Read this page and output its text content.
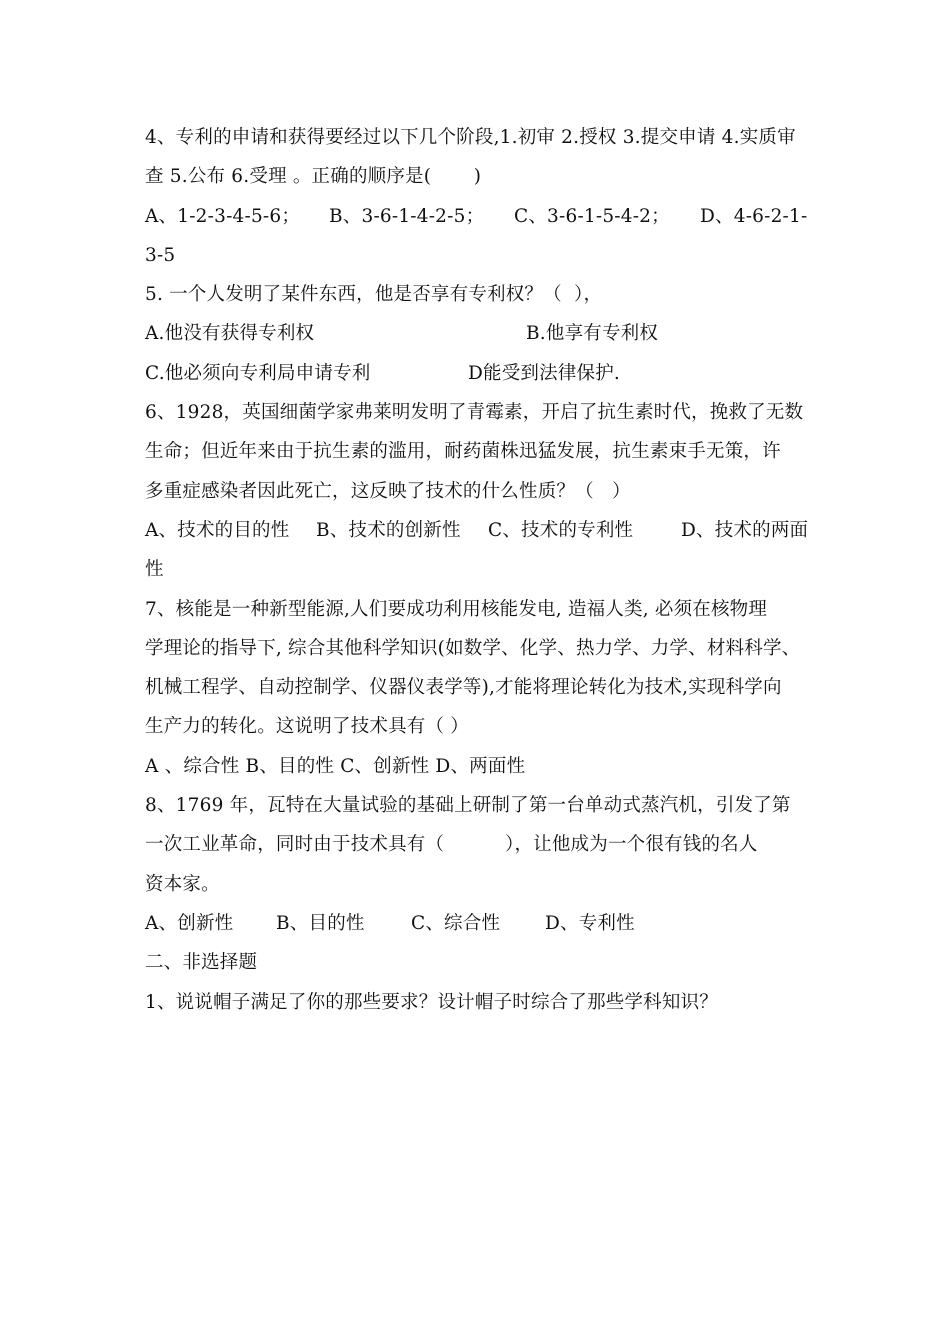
4、专利的申请和获得要经过以下几个阶段,1.初审 2.授权 3.提交申请 4.实质审
查 5.公布 6.受理 。正确的顺序是(       )
A、1-2-3-4-5-6；	B、3-6-1-4-2-5；	C、3-6-1-5-4-2；	D、4-6-2-1-
3-5
5. 一个人发明了某件东西，他是否享有专利权？（  ），
A.他没有获得专利权	B.他享有专利权
C.他必须向专利局申请专利	D能受到法律保护.
6、1928，英国细菌学家弗莱明发明了青霉素，开启了抗生素时代，挽救了无数
生命；但近年来由于抗生素的滥用，耐药菌株迅猛发展，抗生素束手无策，许
多重症感染者因此死亡，这反映了技术的什么性质？（   ）
A、技术的目的性	B、技术的创新性	C、技术的专利性	D、技术的两面
性
7、核能是一种新型能源,人们要成功利用核能发电, 造福人类, 必须在核物理
学理论的指导下, 综合其他科学知识(如数学、化学、热力学、力学、材料科学、
机械工程学、自动控制学、仪器仪表学等),才能将理论转化为技术,实现科学向
生产力的转化。这说明了技术具有（ ）
A 、综合性 B、目的性 C、创新性 D、两面性
8、1769 年，瓦特在大量试验的基础上研制了第一台单动式蒸汽机，引发了第
一次工业革命，同时由于技术具有（          ），让他成为一个很有钱的名人
资本家。
A、创新性	B、目的性	C、综合性	D、专利性
二、非选择题
1、说说帽子满足了你的那些要求？设计帽子时综合了那些学科知识？
